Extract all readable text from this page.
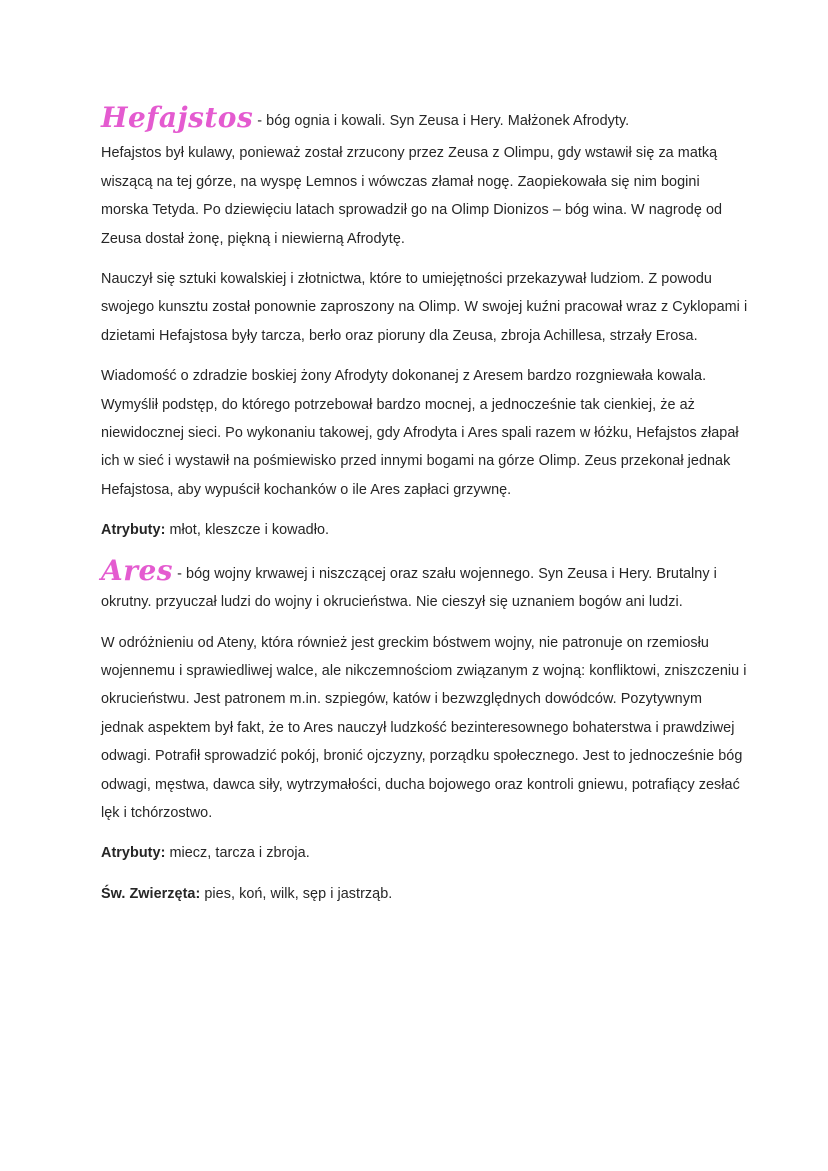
Hefajstos - bóg ognia i kowali. Syn Zeusa i Hery. Małżonek Afrodyty.

Hefajstos był kulawy, ponieważ został zrzucony przez Zeusa z Olimpu, gdy wstawił się za matką wiszącą na tej górze, na wyspę Lemnos i wówczas złamał nogę. Zaopiekowała się nim bogini morska Tetyda. Po dziewięciu latach sprowadził go na Olimp Dionizos – bóg wina. W nagrodę od Zeusa dostał żonę, piękną i niewierną Afrodytę.

Nauczył się sztuki kowalskiej i złotnictwa, które to umiejętności przekazywał ludziom. Z powodu swojego kunsztu został ponownie zaproszony na Olimp. W swojej kuźni pracował wraz z Cyklopami i dzietami Hefajstosa były tarcza, berło oraz pioruny dla Zeusa, zbroja Achillesa, strzały Erosa.

Wiadomość o zdradzie boskiej żony Afrodyty dokonanej z Aresem bardzo rozgniewała kowala. Wymyślił podstęp, do którego potrzebował bardzo mocnej, a jednocześnie tak cienkiej, że aż niewidocznej sieci. Po wykonaniu takowej, gdy Afrodyta i Ares spali razem w łóżku, Hefajstos złapał ich w sieć i wystawił na pośmiewisko przed innymi bogami na górze Olimp. Zeus przekonał jednak Hefajstosa, aby wypuścił kochanków o ile Ares zapłaci grzywnę.

Atrybuty: młot, kleszcze i kowadło.

Ares - bóg wojny krwawej i niszczącej oraz szału wojennego. Syn Zeusa i Hery. Brutalny i okrutny. przyuczał ludzi do wojny i okrucieństwa. Nie cieszył się uznaniem bogów ani ludzi.

W odróżnieniu od Ateny, która również jest greckim bóstwem wojny, nie patronuje on rzemiosłu wojennemu i sprawiedliwej walce, ale nikczemnościom związanym z wojną: konfliktowi, zniszczeniu i okrucieństwu. Jest patronem m.in. szpiegów, katów i bezwzględnych dowódców. Pozytywnym jednak aspektem był fakt, że to Ares nauczył ludzkość bezinteresownego bohaterstwa i prawdziwej odwagi. Potrafił sprowadzić pokój, bronić ojczyzny, porządku społecznego. Jest to jednocześnie bóg odwagi, męstwa, dawca siły, wytrzymałości, ducha bojowego oraz kontroli gniewu, potrafiący zesłać lęk i tchórzostwo.

Atrybuty: miecz, tarcza i zbroja.

Św. Zwierzęta: pies, koń, wilk, sęp i jastrząb.
